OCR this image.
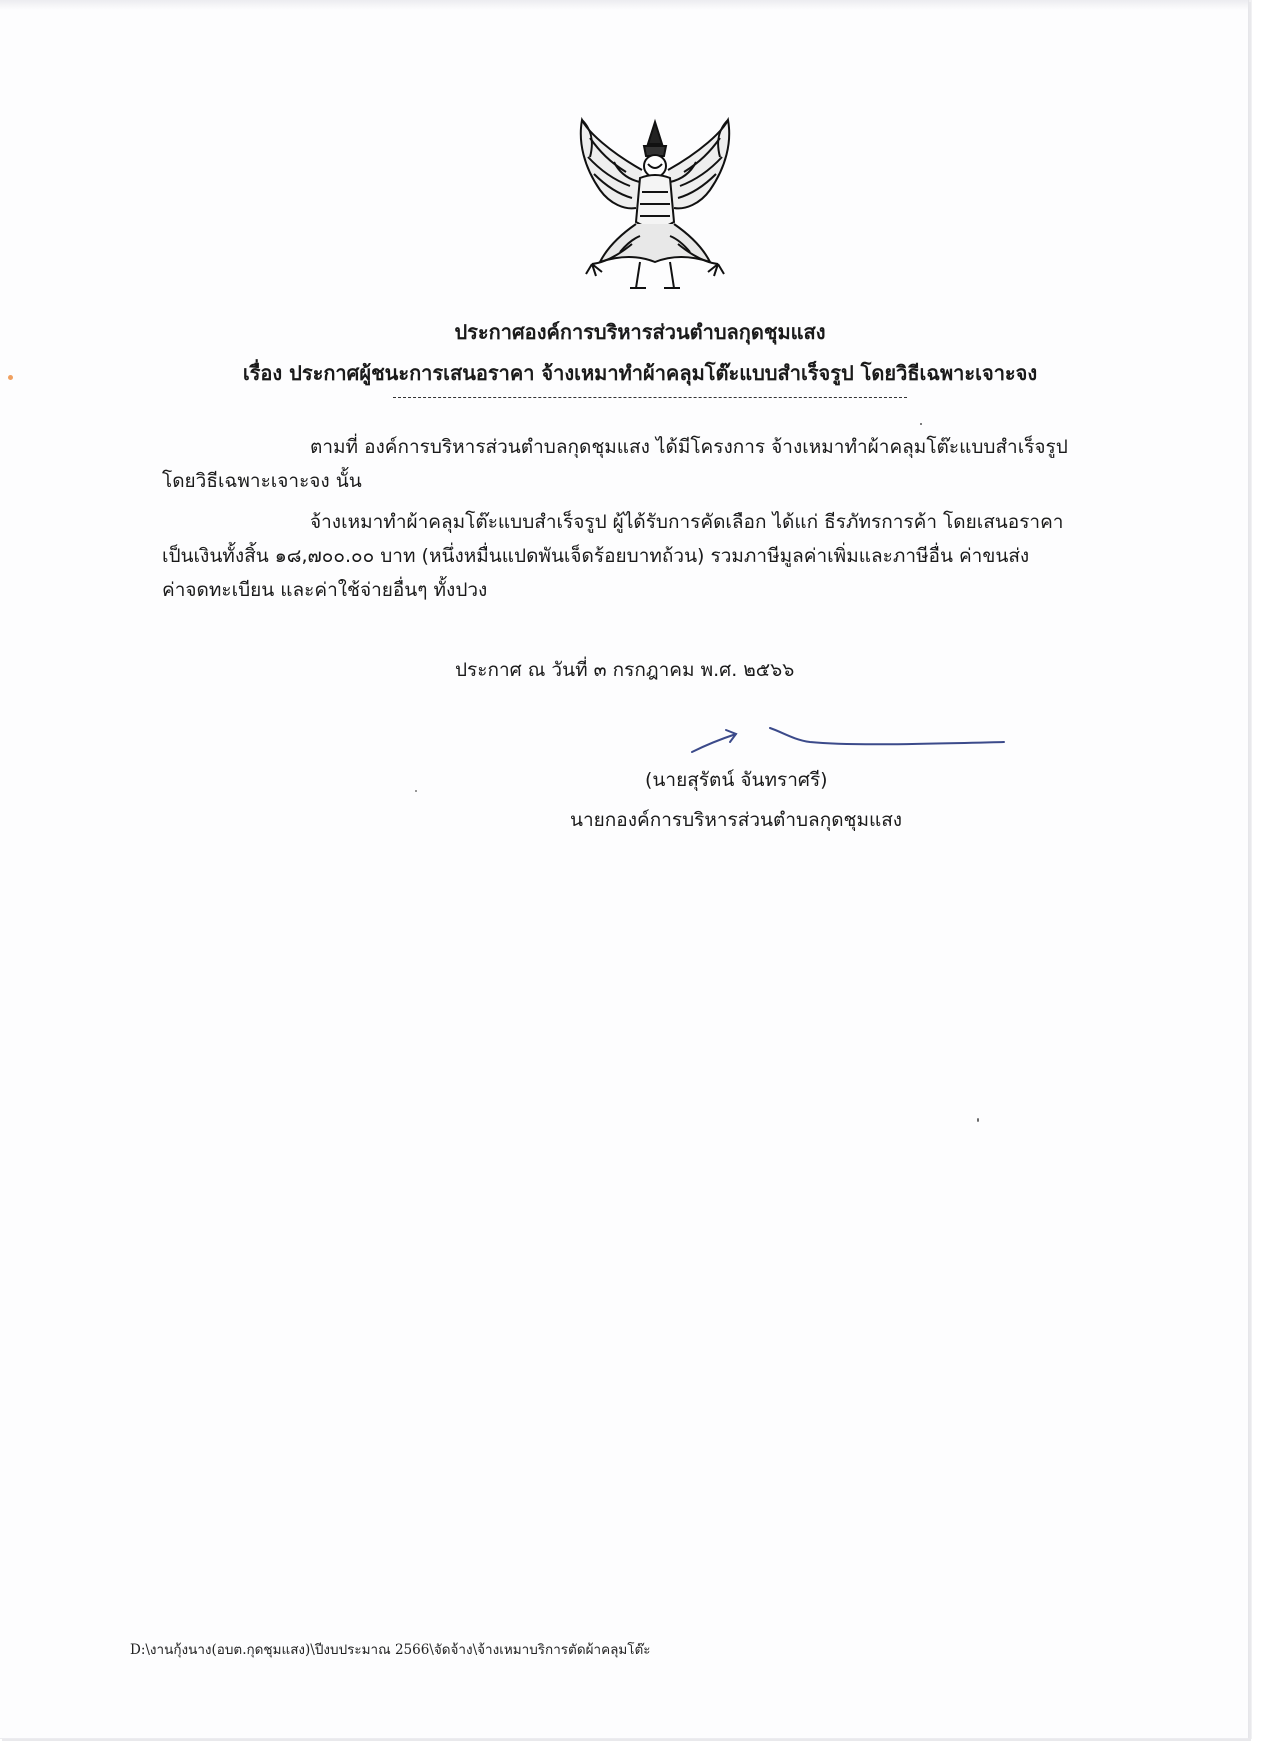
ประกาศองค์การบริหารส่วนตำบลกุดชุมแสง
เรื่อง ประกาศผู้ชนะการเสนอราคา จ้างเหมาทำผ้าคลุมโต๊ะแบบสำเร็จรูป โดยวิธีเฉพาะเจาะจง
ตามที่ องค์การบริหารส่วนตำบลกุดชุมแสง ได้มีโครงการ จ้างเหมาทำผ้าคลุมโต๊ะแบบสำเร็จรูป
โดยวิธีเฉพาะเจาะจง นั้น
จ้างเหมาทำผ้าคลุมโต๊ะแบบสำเร็จรูป ผู้ได้รับการคัดเลือก ได้แก่ ธีรภัทรการค้า โดยเสนอราคา
เป็นเงินทั้งสิ้น ๑๘,๗๐๐.๐๐ บาท (หนึ่งหมื่นแปดพันเจ็ดร้อยบาทถ้วน) รวมภาษีมูลค่าเพิ่มและภาษีอื่น ค่าขนส่ง
ค่าจดทะเบียน และค่าใช้จ่ายอื่นๆ ทั้งปวง
ประกาศ ณ วันที่ ๓ กรกฎาคม พ.ศ. ๒๕๖๖
(นายสุรัตน์ จันทราศรี)
นายกองค์การบริหารส่วนตำบลกุดชุมแสง
D:\งานกุ้งนาง(อบต.กุดชุมแสง)\ปีงบประมาณ 2566\จัดจ้าง\จ้างเหมาบริการตัดผ้าคลุมโต๊ะ
